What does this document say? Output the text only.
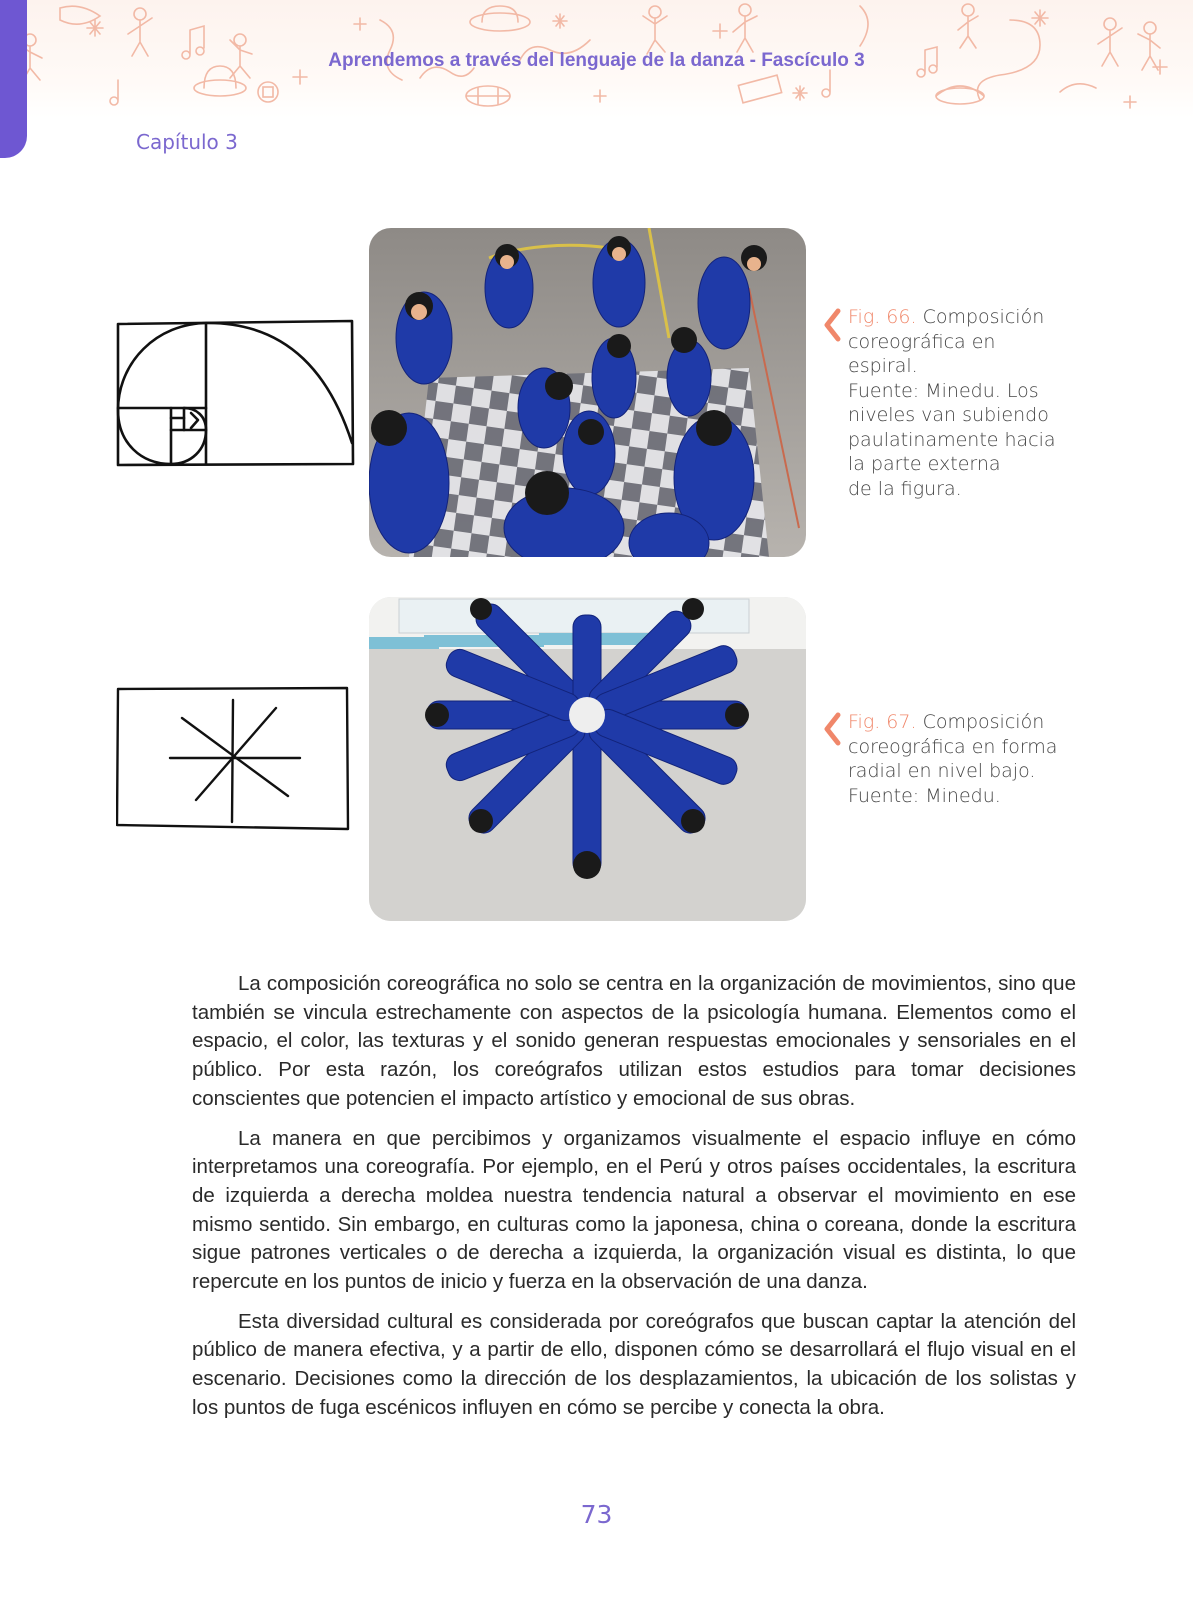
Aprendemos a través del lenguaje de la danza - Fascículo 3
Capítulo 3
Fig. 66. Composición
coreográfica en espiral.
Fuente: Minedu. Los
niveles van subiendo
paulatinamente hacia
la parte externa
de la figura.
Fig. 67. Composición
coreográfica en forma
radial en nivel bajo.
Fuente: Minedu.

La composición coreográfica no solo se centra en la organización de movimientos, sino que también se vincula estrechamente con aspectos de la psicología humana. Elementos como el espacio, el color, las texturas y el sonido generan respuestas emocionales y sensoriales en el público. Por esta razón, los coreógrafos utilizan estos estudios para tomar decisiones conscientes que potencien el impacto artístico y emocional de sus obras.

La manera en que percibimos y organizamos visualmente el espacio influye en cómo interpretamos una coreografía. Por ejemplo, en el Perú y otros países occidentales, la escritura de izquierda a derecha moldea nuestra tendencia natural a observar el movimiento en ese mismo sentido. Sin embargo, en culturas como la japonesa, china o coreana, donde la escritura sigue patrones verticales o de derecha a izquierda, la organización visual es distinta, lo que repercute en los puntos de inicio y fuerza en la observación de una danza.

Esta diversidad cultural es considerada por coreógrafos que buscan captar la atención del público de manera efectiva, y a partir de ello, disponen cómo se desarrollará el flujo visual en el escenario. Decisiones como la dirección de los desplazamientos, la ubicación de los solistas y los puntos de fuga escénicos influyen en cómo se percibe y conecta la obra.

73
